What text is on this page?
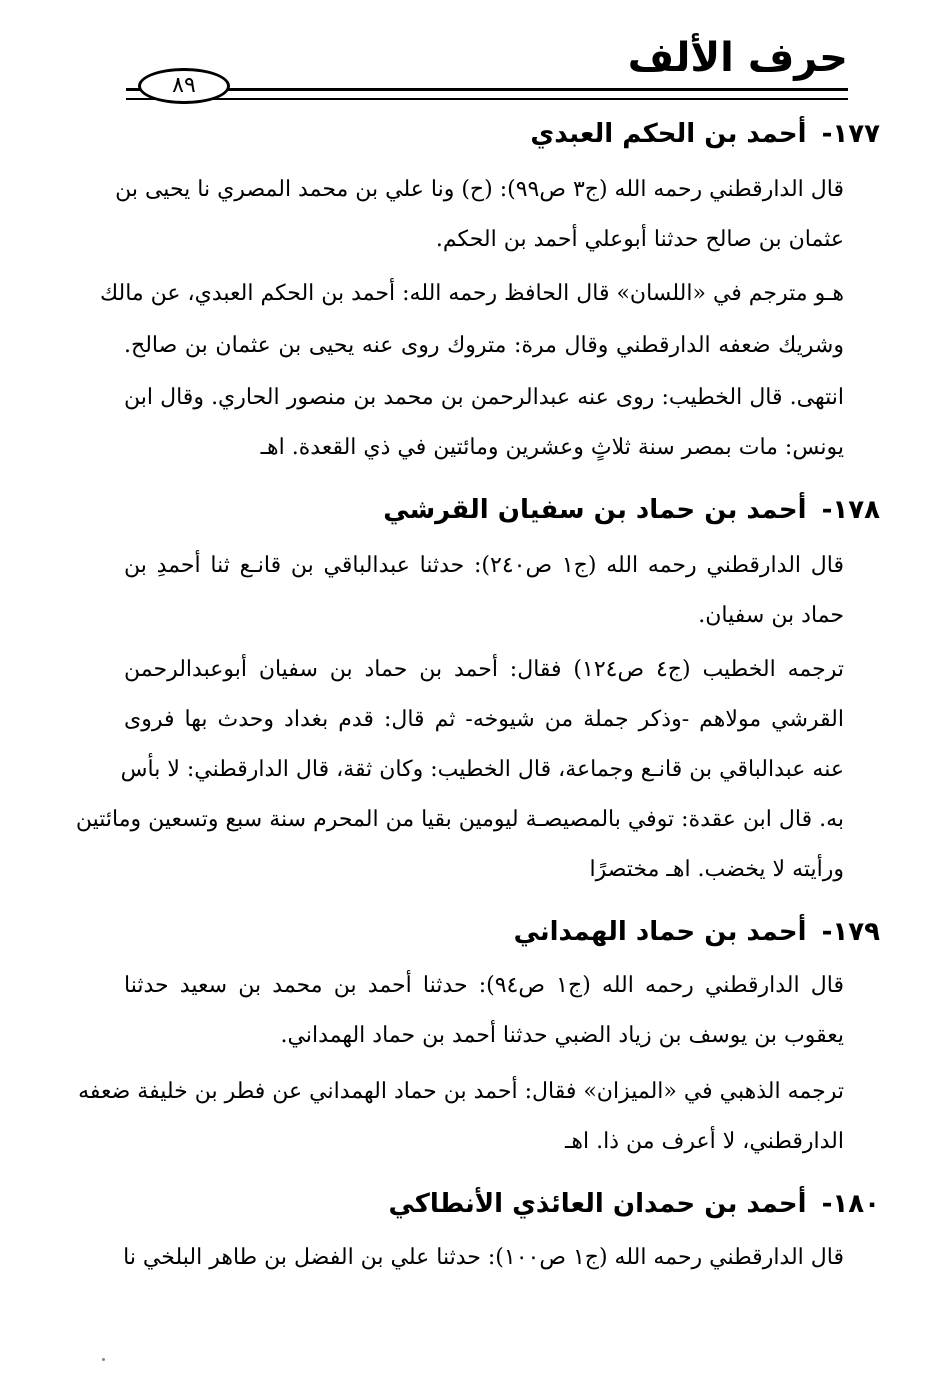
حرف الألف
٨٩
١٧٧- أحمد بن الحكم العبدي
قال الدارقطني رحمه الله (ج٣ ص٩٩): (ح) ونا علي بن محمد المصري نا يحيى بن
عثمان بن صالح حدثنا أبوعلي أحمد بن الحكم.
هـو مترجم في «اللسان» قال الحافظ رحمه الله: أحمد بن الحكم العبدي، عن مالك
وشريك ضعفه الدارقطني وقال مرة: متروك روى عنه يحيى بن عثمان بن صالح.
انتهى. قال الخطيب: روى عنه عبدالرحمن بن محمد بن منصور الحاري. وقال ابن
يونس: مات بمصر سنة ثلاثٍ وعشرين ومائتين في ذي القعدة. اهـ
١٧٨- أحمد بن حماد بن سفيان القرشي
قال الدارقطني رحمه الله (ج١ ص٢٤٠): حدثنا عبدالباقي بن قانـع ثنا أحمدِ بن
حماد بن سفيان.
ترجمه الخطيب (ج٤ ص١٢٤) فقال: أحمد بن حماد بن سفيان أبوعبدالرحمن
القرشي مولاهم -وذكر جملة من شيوخه- ثم قال: قدم بغداد وحدث بها فروى
عنه عبدالباقي بن قانـع وجماعة، قال الخطيب: وكان ثقة، قال الدارقطني: لا بأس
به. قال ابن عقدة: توفي بالمصيصـة ليومين بقيا من المحرم سنة سبع وتسعين ومائتين
ورأيته لا يخضب. اهـ مختصرًا
١٧٩- أحمد بن حماد الهمداني
قال الدارقطني رحمه الله (ج١ ص٩٤): حدثنا أحمد بن محمد بن سعيد حدثنا
يعقوب بن يوسف بن زياد الضبي حدثنا أحمد بن حماد الهمداني.
ترجمه الذهبي في «الميزان» فقال: أحمد بن حماد الهمداني عن فطر بن خليفة ضعفه
الدارقطني، لا أعرف من ذا. اهـ
١٨٠- أحمد بن حمدان العائذي الأنطاكي
قال الدارقطني رحمه الله (ج١ ص١٠٠): حدثنا علي بن الفضل بن طاهر البلخي نا
